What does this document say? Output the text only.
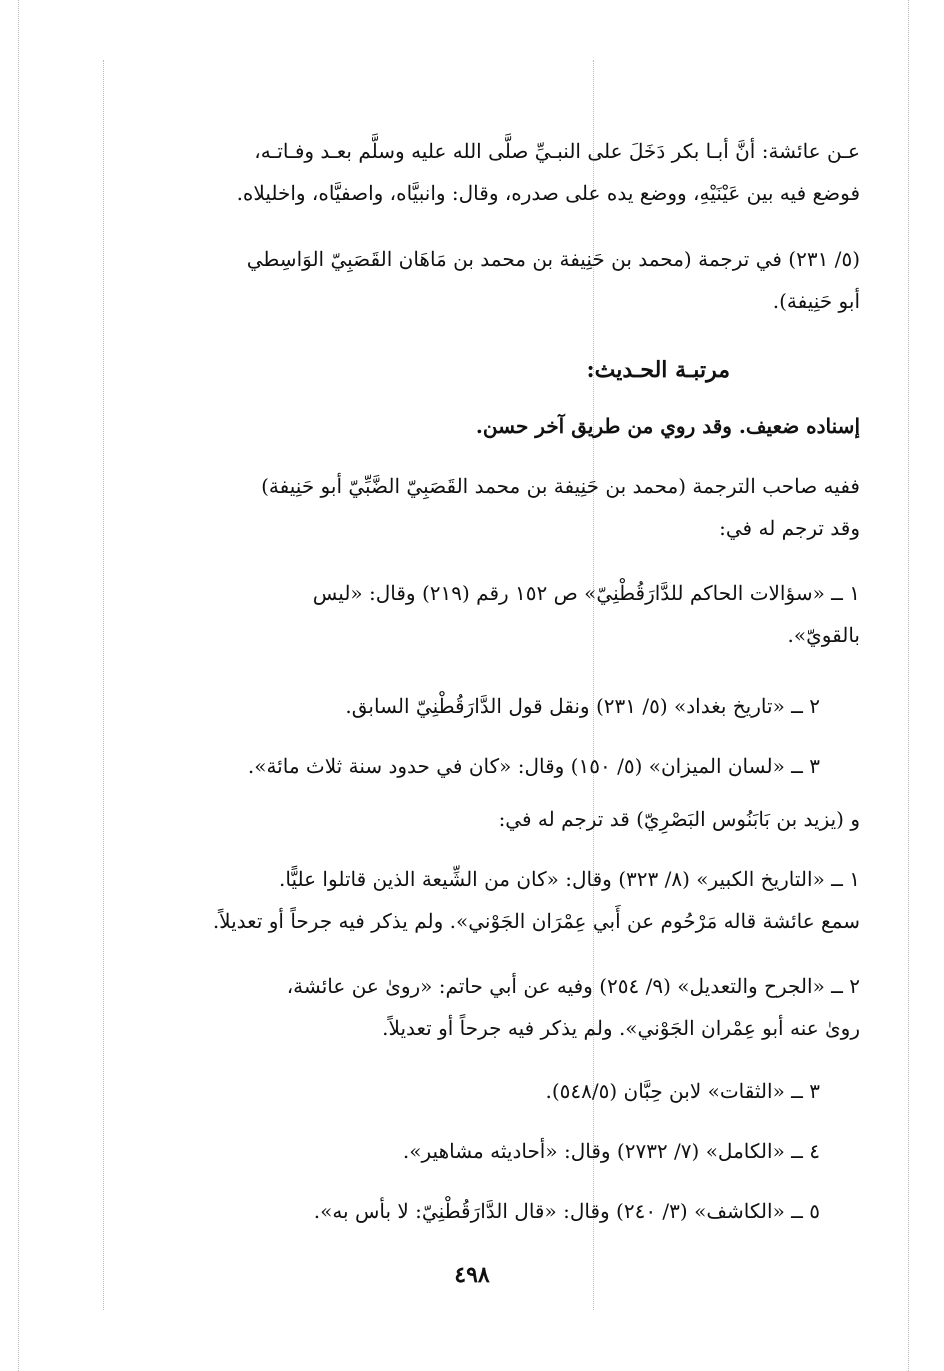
عـن عائشة: أنَّ أبـا بكر دَخَلَ على النبـيِّ صلَّى الله عليه وسلَّم بعـد وفـاتـه،
فوضع فيه بين عَيْنَيْهِ، ووضع يده على صدره، وقال: وانبيَّاه، واصفيَّاه، واخليلاه.
(٥/ ٢٣١) في ترجمة (محمد بن حَنِيفة بن محمد بن مَاهَان القَصَبِيّ الوَاسِطي
أبو حَنِيفة).
مرتبـة الحـديث:
إسناده ضعيف. وقد روي من طريق آخر حسن.
ففيه صاحب الترجمة (محمد بن حَنِيفة بن محمد القَصَبِيّ الضَّبِّيّ أبو حَنِيفة)
وقد ترجم له في:
١ ــ «سؤالات الحاكم للدَّارَقُطْنِيّ» ص ١٥٢ رقم (٢١٩) وقال: «ليس
بالقويّ».
٢ ــ «تاريخ بغداد» (٥/ ٢٣١) ونقل قول الدَّارَقُطْنِيّ السابق.
٣ ــ «لسان الميزان» (٥/ ١٥٠) وقال: «كان في حدود سنة ثلاث مائة».
و (يزيد بن بَابَنُوس البَصْرِيّ) قد ترجم له في:
١ ــ «التاريخ الكبير» (٨/ ٣٢٣) وقال: «كان من الشِّيعة الذين قاتلوا عليًّا.
سمع عائشة قاله مَرْحُوم عن أَبي عِمْرَان الجَوْني». ولم يذكر فيه جرحاً أو تعديلاً.
٢ ــ «الجرح والتعديل» (٩/ ٢٥٤) وفيه عن أبي حاتم: «روىٰ عن عائشة،
روىٰ عنه أبو عِمْران الجَوْني». ولم يذكر فيه جرحاً أو تعديلاً.
٣ ــ «الثقات» لابن حِبَّان (٥٤٨/٥).
٤ ــ «الكامل» (٧/ ٢٧٣٢) وقال: «أحاديثه مشاهير».
٥ ــ «الكاشف» (٣/ ٢٤٠) وقال: «قال الدَّارَقُطْنِيّ: لا بأس به».
٤٩٨
